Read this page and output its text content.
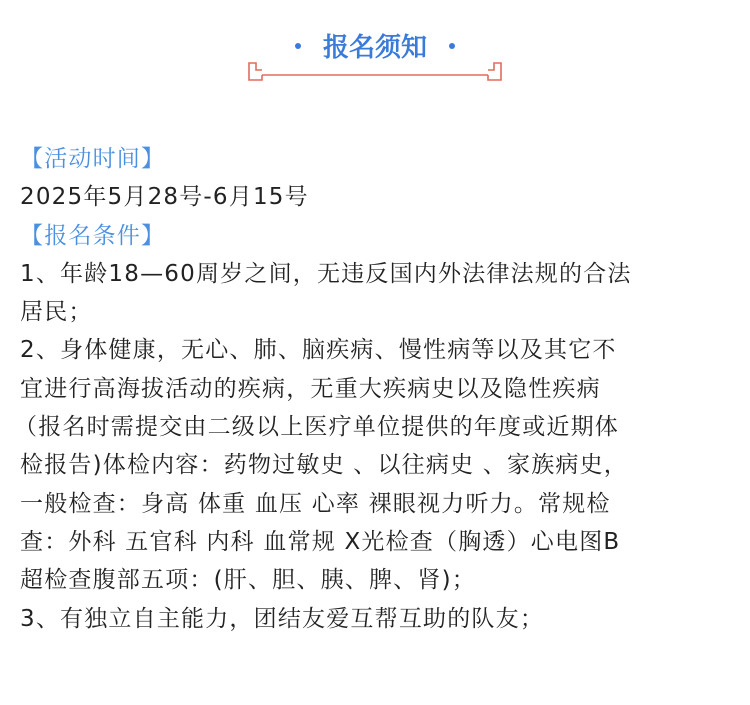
报名须知

【活动时间】

2025年5月28号-6月15号

【报名条件】

1、年龄18—60周岁之间，无违反国内外法律法规的合法

居民；

2、身体健康，无心、肺、脑疾病、慢性病等以及其它不

宜进行高海拔活动的疾病，无重大疾病史以及隐性疾病

（报名时需提交由二级以上医疗单位提供的年度或近期体

检报告)体检内容：药物过敏史 、以往病史 、家族病史，

一般检查：身高 体重 血压 心率 裸眼视力听力。常规检

查：外科 五官科 内科 血常规 X光检查（胸透）心电图B

超检查腹部五项：(肝、胆、胰、脾、肾)；

3、有独立自主能力，团结友爱互帮互助的队友；
